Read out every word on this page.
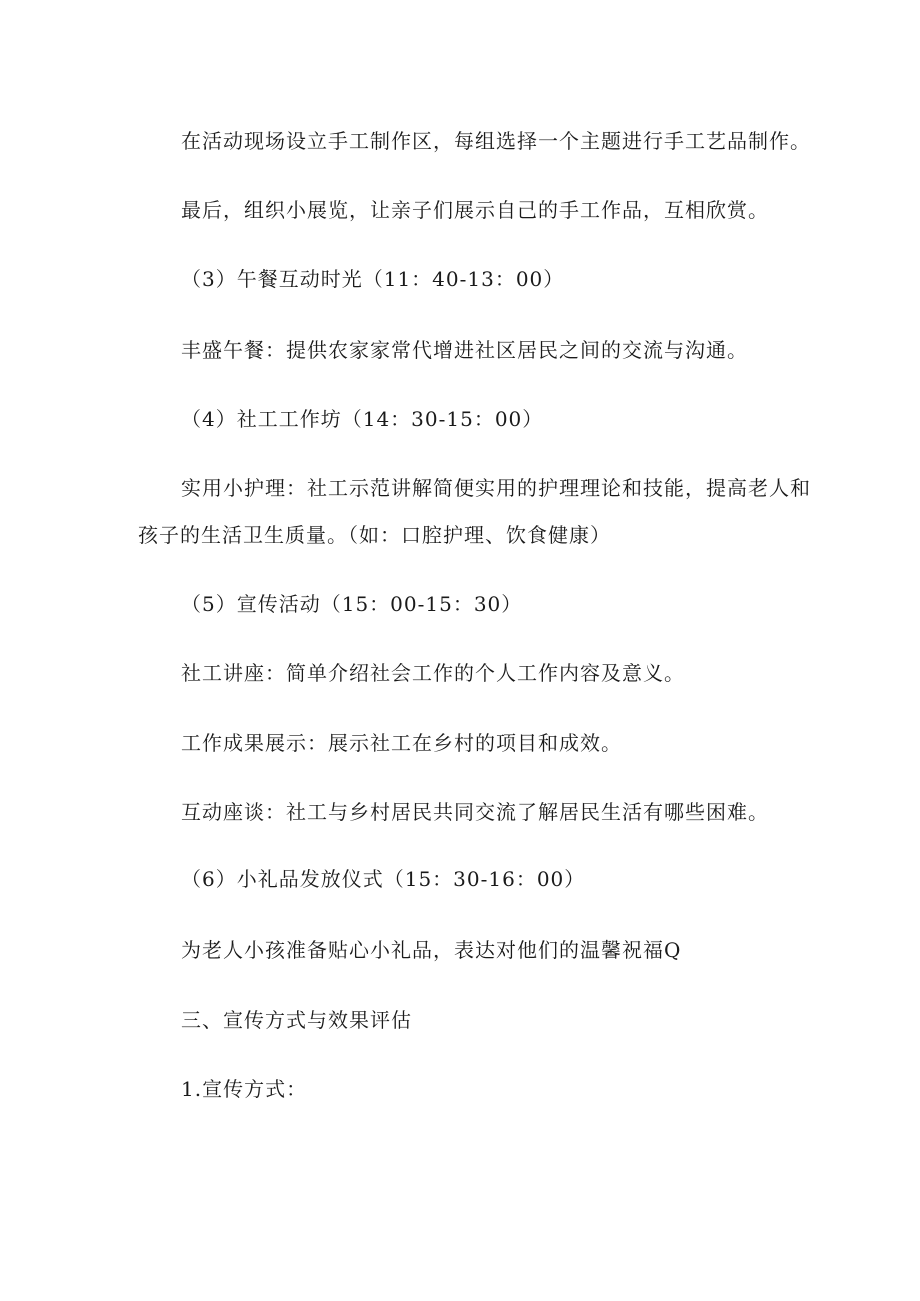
在活动现场设立手工制作区，每组选择一个主题进行手工艺品制作。
最后，组织小展览，让亲子们展示自己的手工作品，互相欣赏。
（3）午餐互动时光（11：40-13：00）
丰盛午餐：提供农家家常代增进社区居民之间的交流与沟通。
（4）社工工作坊（14：30-15：00）
实用小护理：社工示范讲解简便实用的护理理论和技能，提高老人和
孩子的生活卫生质量。（如：口腔护理、饮食健康）
（5）宣传活动（15：00-15：30）
社工讲座：简单介绍社会工作的个人工作内容及意义。
工作成果展示：展示社工在乡村的项目和成效。
互动座谈：社工与乡村居民共同交流了解居民生活有哪些困难。
（6）小礼品发放仪式（15：30-16：00）
为老人小孩准备贴心小礼品，表达对他们的温馨祝福Q
三、宣传方式与效果评估
1.宣传方式：
